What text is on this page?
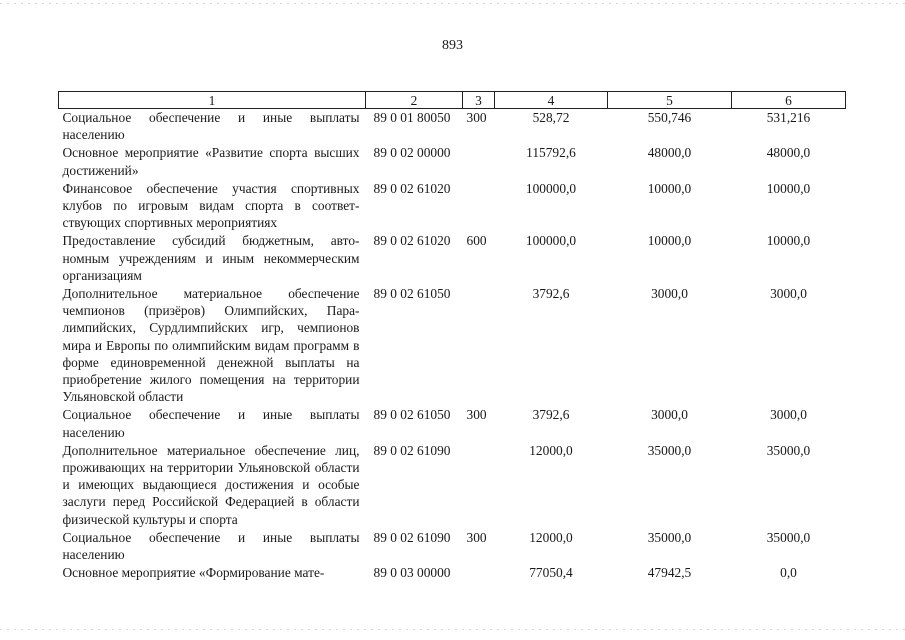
893
1	2	3	4	5	6
Социальное обеспечение и иные выплаты населению	89 0 01 80050	300	528,72	550,746	531,216
Основное мероприятие «Развитие спорта высших достижений»	89 0 02 00000		115792,6	48000,0	48000,0
Финансовое обеспечение участия спортивных клубов по игровым видам спорта в соответствующих спортивных мероприятиях	89 0 02 61020		100000,0	10000,0	10000,0
Предоставление субсидий бюджетным, автономным учреждениям и иным некоммерческим организациям	89 0 02 61020	600	100000,0	10000,0	10000,0
Дополнительное материальное обеспечение чемпионов (призёров) Олимпийских, Паралимпийских, Сурдлимпийских игр, чемпионов мира и Европы по олимпийским видам программ в форме единовременной денежной выплаты на приобретение жилого помещения на территории Ульяновской области	89 0 02 61050		3792,6	3000,0	3000,0
Социальное обеспечение и иные выплаты населению	89 0 02 61050	300	3792,6	3000,0	3000,0
Дополнительное материальное обеспечение лиц, проживающих на территории Ульяновской области и имеющих выдающиеся достижения и особые заслуги перед Российской Федерацией в области физической культуры и спорта	89 0 02 61090		12000,0	35000,0	35000,0
Социальное обеспечение и иные выплаты населению	89 0 02 61090	300	12000,0	35000,0	35000,0
Основное мероприятие «Формирование мате-	89 0 03 00000		77050,4	47942,5	0,0
